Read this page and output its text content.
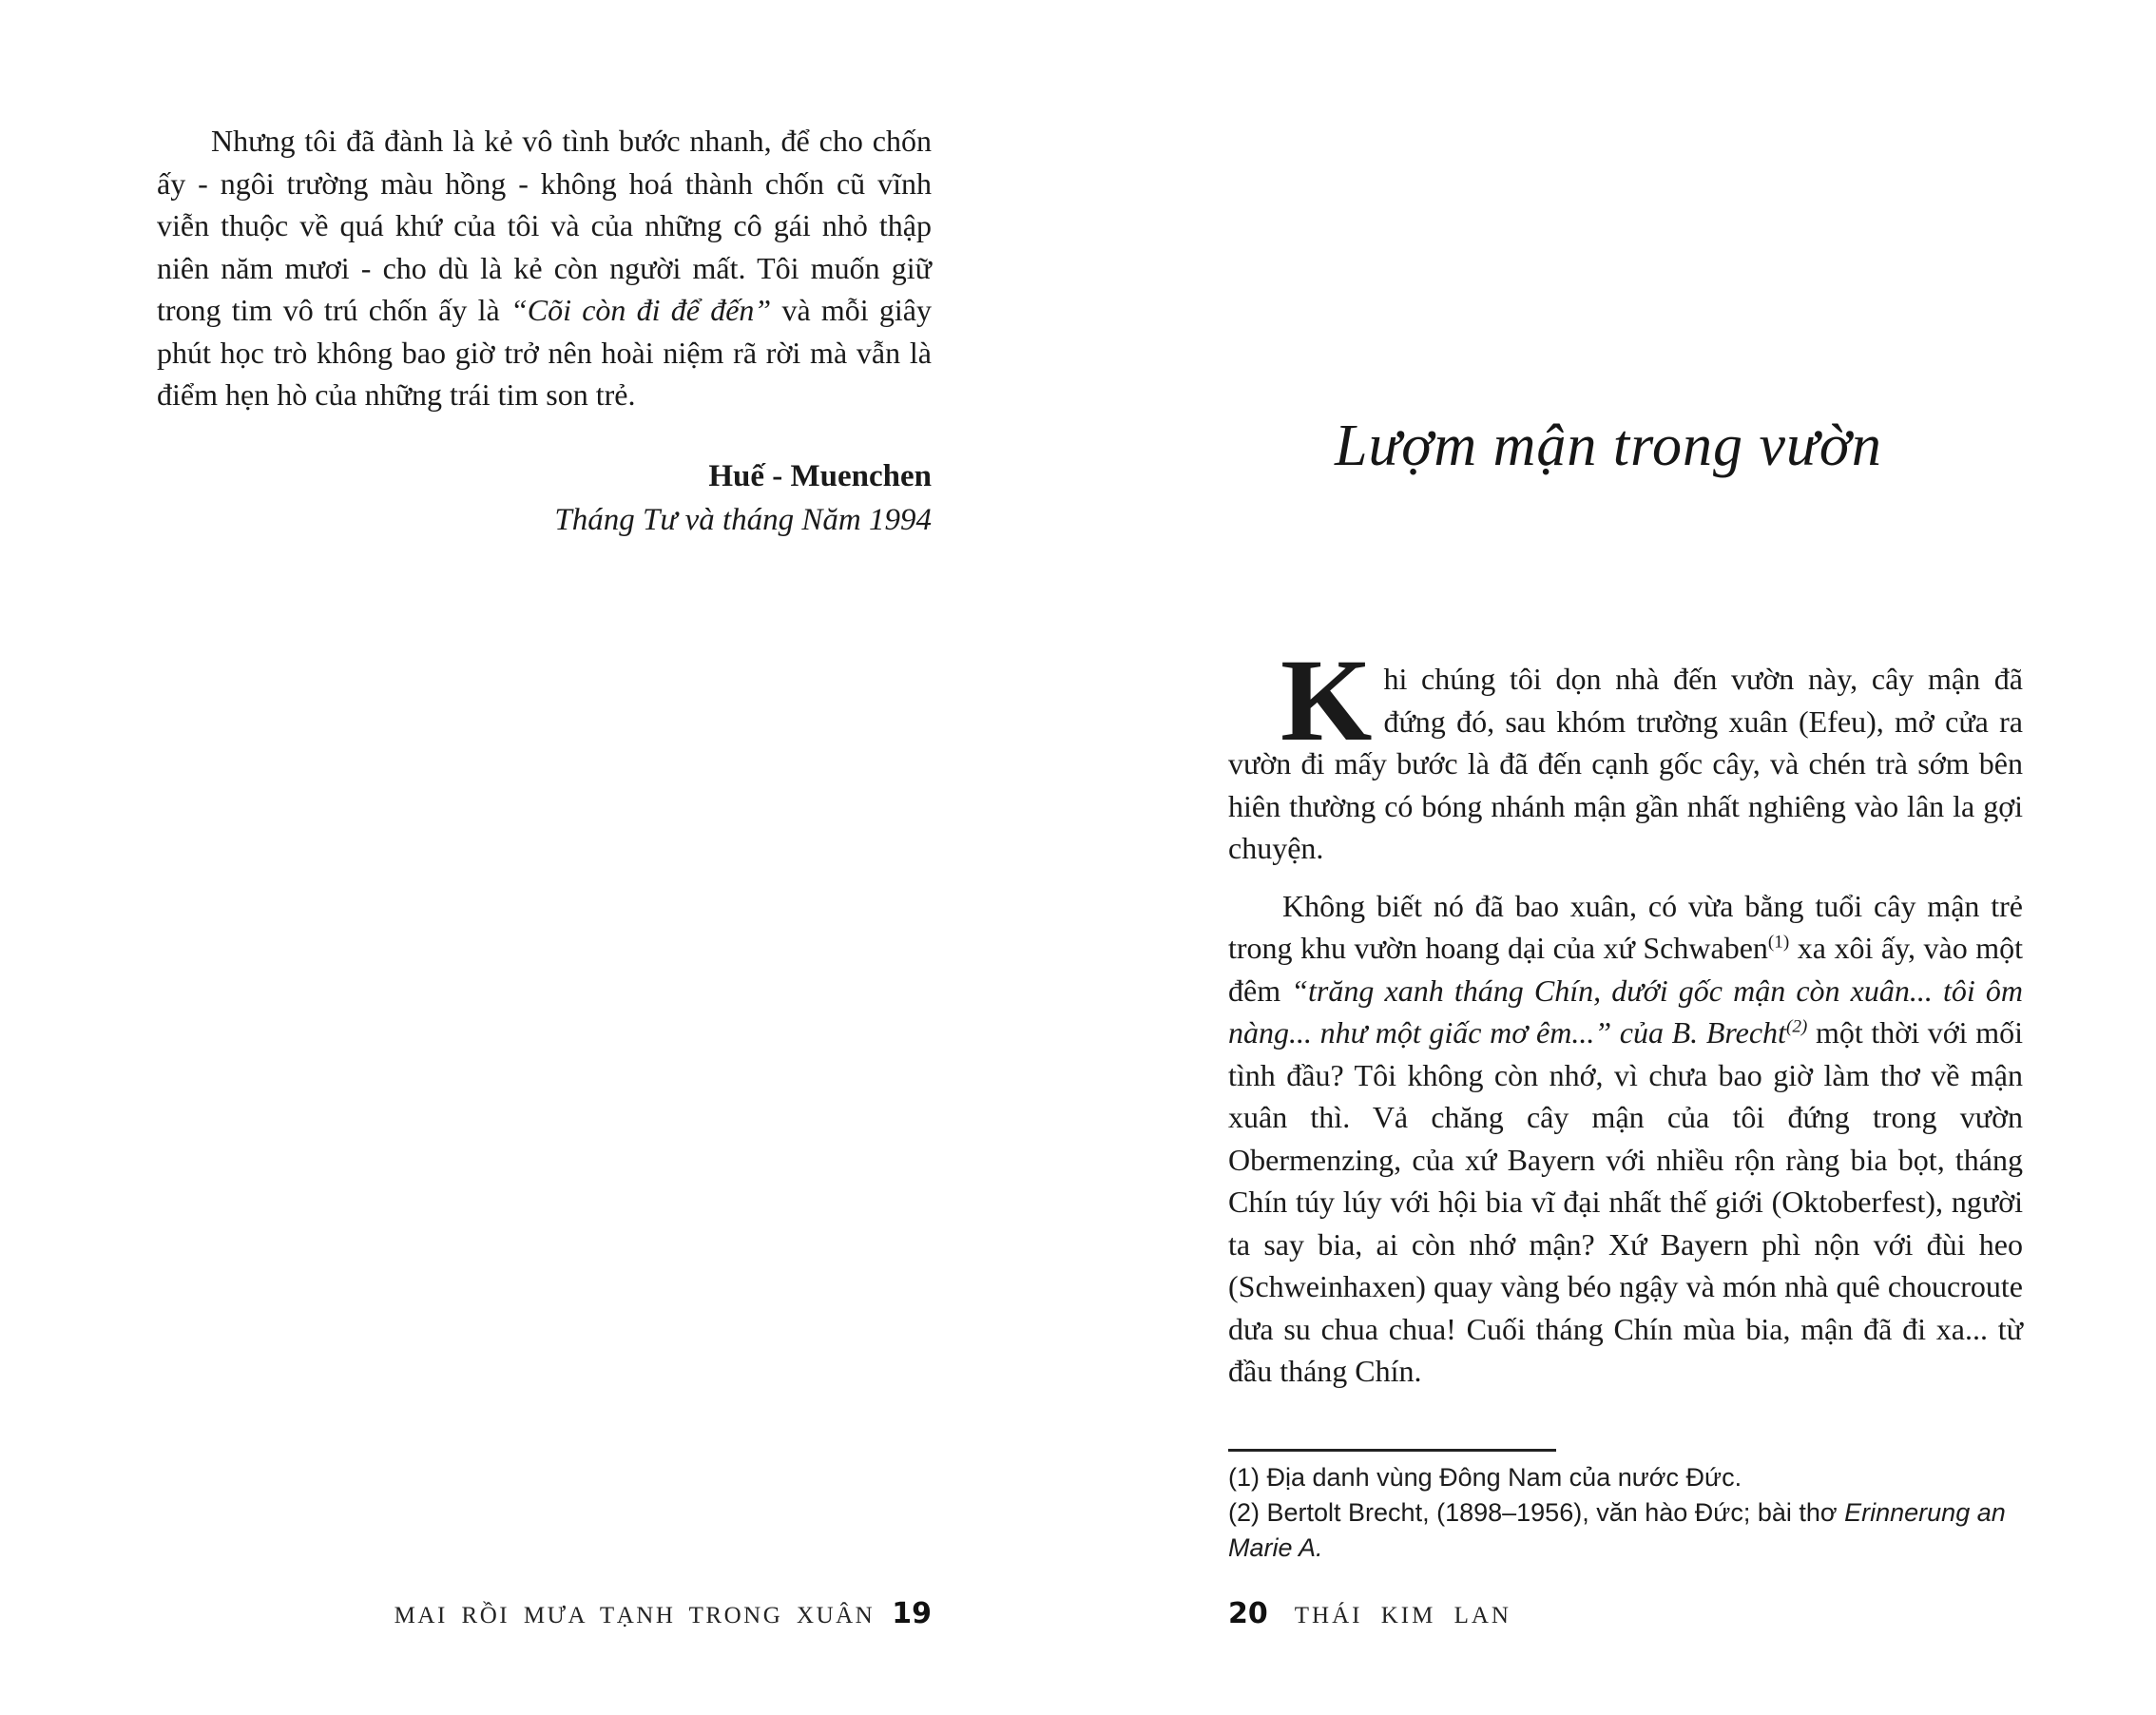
Nhưng tôi đã đành là kẻ vô tình bước nhanh, để cho chốn ấy - ngôi trường màu hồng - không hoá thành chốn cũ vĩnh viễn thuộc về quá khứ của tôi và của những cô gái nhỏ thập niên năm mươi - cho dù là kẻ còn người mất. Tôi muốn giữ trong tim vô trú chốn ấy là “Cõi còn đi để đến” và mỗi giây phút học trò không bao giờ trở nên hoài niệm rã rời mà vẫn là điểm hẹn hò của những trái tim son trẻ.
Huế - Muenchen
Tháng Tư và tháng Năm 1994
MAI RỒI MƯA TẠNH TRONG XUÂN 19
Lượm mận trong vườn
Khi chúng tôi dọn nhà đến vườn này, cây mận đã đứng đó, sau khóm trường xuân (Efeu), mở cửa ra vườn đi mấy bước là đã đến cạnh gốc cây, và chén trà sớm bên hiên thường có bóng nhánh mận gần nhất nghiêng vào lân la gợi chuyện.
Không biết nó đã bao xuân, có vừa bằng tuổi cây mận trẻ trong khu vườn hoang dại của xứ Schwaben$^{(1)}$ xa xôi ấy, vào một đêm “trăng xanh tháng Chín, dưới gốc mận còn xuân... tôi ôm nàng... như một giấc mơ êm...” của B. Brecht$^{(2)}$ một thời với mối tình đầu? Tôi không còn nhớ, vì chưa bao giờ làm thơ về mận xuân thì. Vả chăng cây mận của tôi đứng trong vườn Obermenzing, của xứ Bayern với nhiều rộn ràng bia bọt, tháng Chín túy lúy với hội bia vĩ đại nhất thế giới (Oktoberfest), người ta say bia, ai còn nhớ mận? Xứ Bayern phì nộn với đùi heo (Schweinhaxen) quay vàng béo ngậy và món nhà quê choucroute dưa su chua chua! Cuối tháng Chín mùa bia, mận đã đi xa... từ đầu tháng Chín.
(1) Địa danh vùng Đông Nam của nước Đức.
(2) Bertolt Brecht, (1898–1956), văn hào Đức; bài thơ Erinnerung an Marie A.
20 THÁI KIM LAN
